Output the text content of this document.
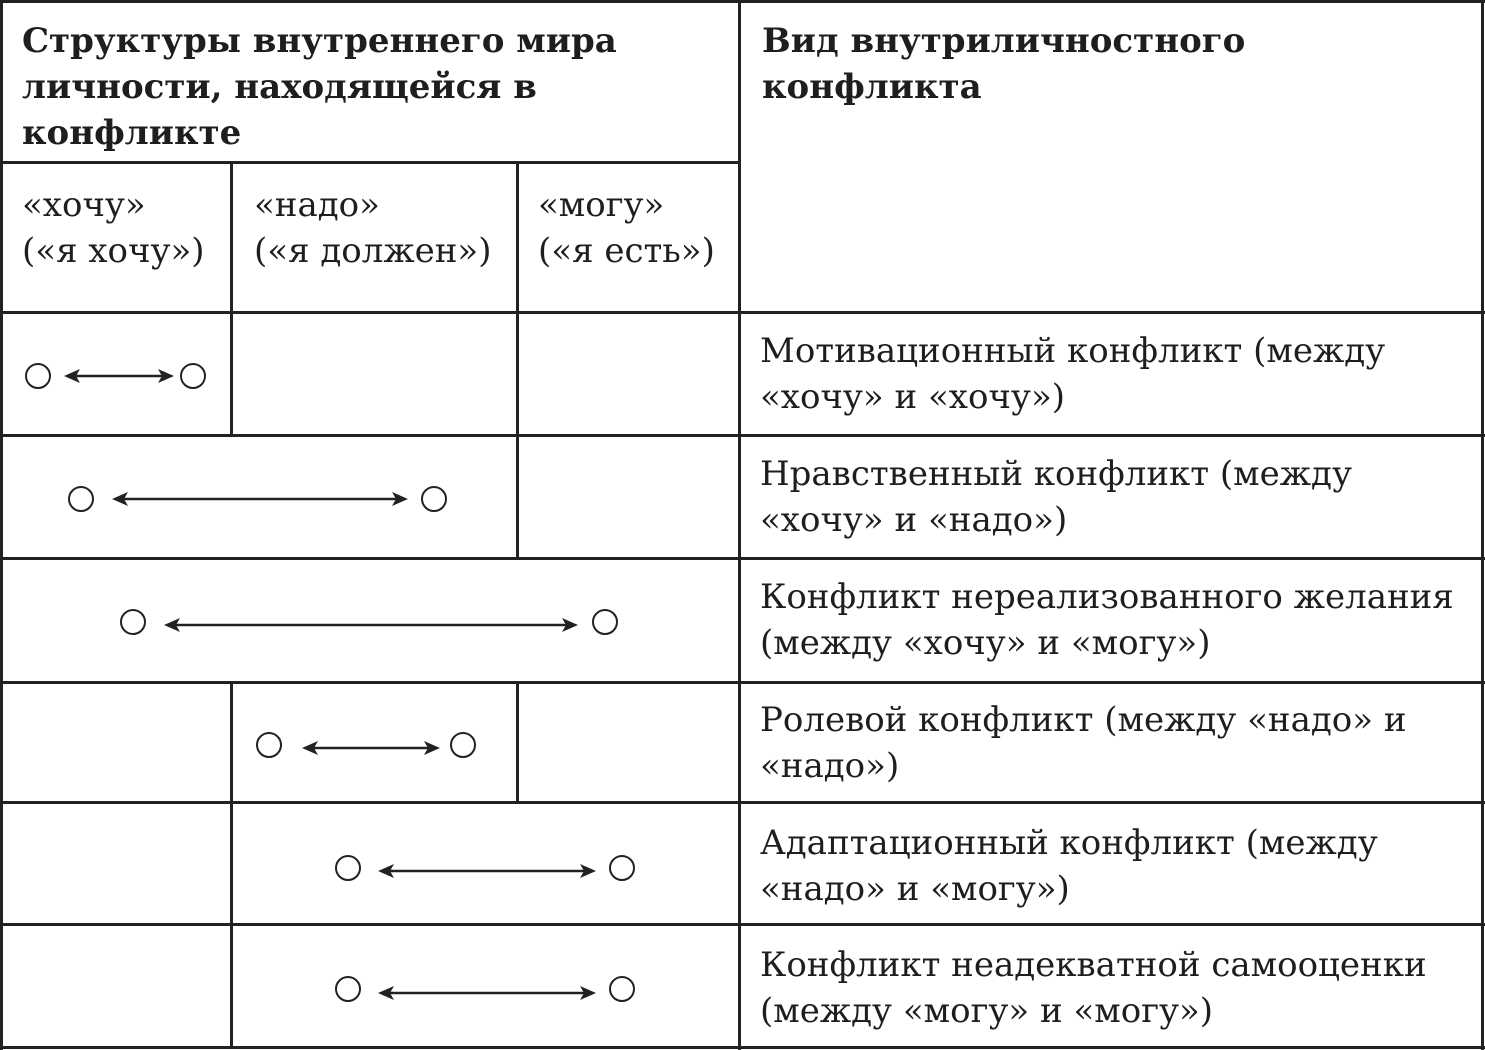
Структуры внутреннего мира личности, находящейся в конфликте
Вид внутриличностного конфликта
«хочу»
(«я хочу»)
«надо»
(«я должен»)
«могу»
(«я есть»)
Мотивационный конфликт (между «хочу» и «хочу»)
Нравственный конфликт (между «хочу» и «надо»)
Конфликт нереализованного желания (между «хочу» и «могу»)
Ролевой конфликт (между «надо» и «надо»)
Адаптационный конфликт (между «надо» и «могу»)
Конфликт неадекватной самооценки (между «могу» и «могу»)
